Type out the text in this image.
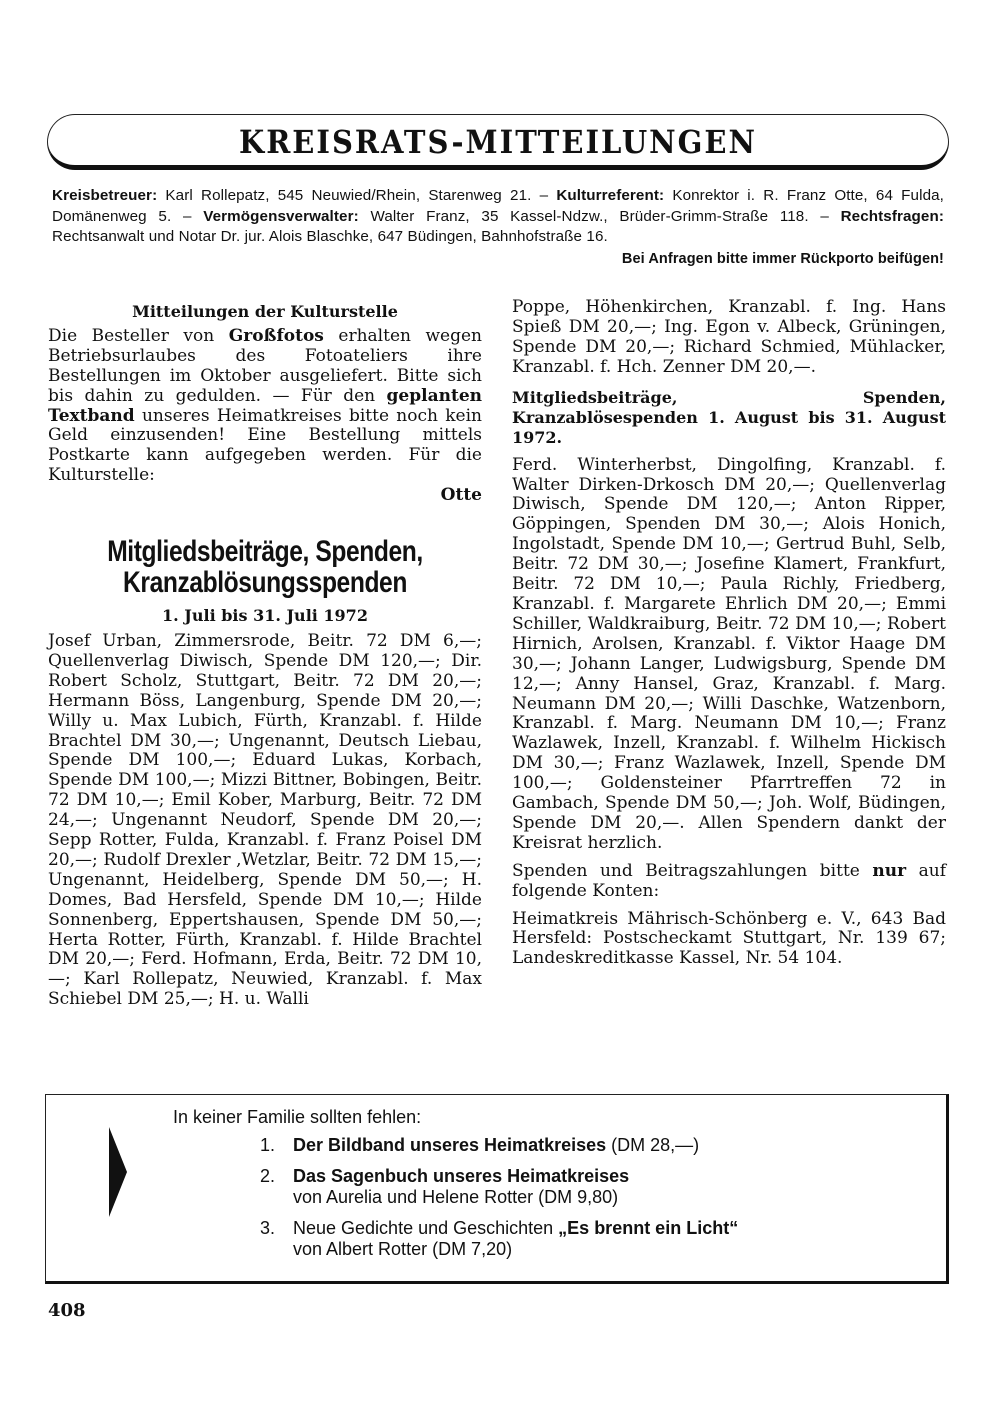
KREISRATS-MITTEILUNGEN
Kreisbetreuer: Karl Rollepatz, 545 Neuwied/Rhein, Starenweg 21. – Kulturreferent: Konrektor i. R. Franz Otte, 64 Fulda, Domänenweg 5. – Vermögensverwalter: Walter Franz, 35 Kassel-Ndzw., Brüder-Grimm-Straße 118. – Rechtsfragen: Rechtsanwalt und Notar Dr. jur. Alois Blaschke, 647 Büdingen, Bahnhofstraße 16.
Bei Anfragen bitte immer Rückporto beifügen!

Mitteilungen der Kulturstelle

Die Besteller von Großfotos erhalten wegen Betriebsurlaubes des Fotoateliers ihre Bestellungen im Oktober ausgeliefert. Bitte sich bis dahin zu gedulden. — Für den geplanten Textband unseres Heimatkreises bitte noch kein Geld einzusenden! Eine Bestellung mittels Postkarte kann aufgegeben werden. Für die Kulturstelle:

Otte

Mitgliedsbeiträge, Spenden,
Kranzablösungsspenden

1. Juli bis 31. Juli 1972

Josef Urban, Zimmersrode, Beitr. 72 DM 6,—; Quellenverlag Diwisch, Spende DM 120,—; Dir. Robert Scholz, Stuttgart, Beitr. 72 DM 20,—; Hermann Böss, Langenburg, Spende DM 20,—; Willy u. Max Lubich, Fürth, Kranzabl. f. Hilde Brachtel DM 30,—; Ungenannt, Deutsch Liebau, Spende DM 100,—; Eduard Lukas, Korbach, Spende DM 100,—; Mizzi Bittner, Bobingen, Beitr. 72 DM 10,—; Emil Kober, Marburg, Beitr. 72 DM 24,—; Ungenannt Neudorf, Spende DM 20,—; Sepp Rotter, Fulda, Kranzabl. f. Franz Poisel DM 20,—; Rudolf Drexler ,Wetzlar, Beitr. 72 DM 15,—; Ungenannt, Heidelberg, Spende DM 50,—; H. Domes, Bad Hersfeld, Spende DM 10,—; Hilde Sonnenberg, Eppertshausen, Spende DM 50,—; Herta Rotter, Fürth, Kranzabl. f. Hilde Brachtel DM 20,—; Ferd. Hofmann, Erda, Beitr. 72 DM 10,—; Karl Rollepatz, Neuwied, Kranzabl. f. Max Schiebel DM 25,—; H. u. Walli

Poppe, Höhenkirchen, Kranzabl. f. Ing. Hans Spieß DM 20,—; Ing. Egon v. Albeck, Grüningen, Spende DM 20,—; Richard Schmied, Mühlacker, Kranzabl. f. Hch. Zenner DM 20,—.

Mitgliedsbeiträge, Spenden, Kranzablösespenden 1. August bis 31. August 1972.

Ferd. Winterherbst, Dingolfing, Kranzabl. f. Walter Dirken-Drkosch DM 20,—; Quellenverlag Diwisch, Spende DM 120,—; Anton Ripper, Göppingen, Spenden DM 30,—; Alois Honich, Ingolstadt, Spende DM 10,—; Gertrud Buhl, Selb, Beitr. 72 DM 30,—; Josefine Klamert, Frankfurt, Beitr. 72 DM 10,—; Paula Richly, Friedberg, Kranzabl. f. Margarete Ehrlich DM 20,—; Emmi Schiller, Waldkraiburg, Beitr. 72 DM 10,—; Robert Hirnich, Arolsen, Kranzabl. f. Viktor Haage DM 30,—; Johann Langer, Ludwigsburg, Spende DM 12,—; Anny Hansel, Graz, Kranzabl. f. Marg. Neumann DM 20,—; Willi Daschke, Watzenborn, Kranzabl. f. Marg. Neumann DM 10,—; Franz Wazlawek, Inzell, Kranzabl. f. Wilhelm Hickisch DM 30,—; Franz Wazlawek, Inzell, Spende DM 100,—; Goldensteiner Pfarrtreffen 72 in Gambach, Spende DM 50,—; Joh. Wolf, Büdingen, Spende DM 20,—. Allen Spendern dankt der Kreisrat herzlich.

Spenden und Beitragszahlungen bitte nur auf folgende Konten:

Heimatkreis Mährisch-Schönberg e. V., 643 Bad Hersfeld: Postscheckamt Stuttgart, Nr. 139 67; Landeskreditkasse Kassel, Nr. 54 104.

In keiner Familie sollten fehlen:
1. Der Bildband unseres Heimatkreises (DM 28,—)
2. Das Sagenbuch unseres Heimatkreises
von Aurelia und Helene Rotter (DM 9,80)
3. Neue Gedichte und Geschichten „Es brennt ein Licht“
von Albert Rotter (DM 7,20)
408
